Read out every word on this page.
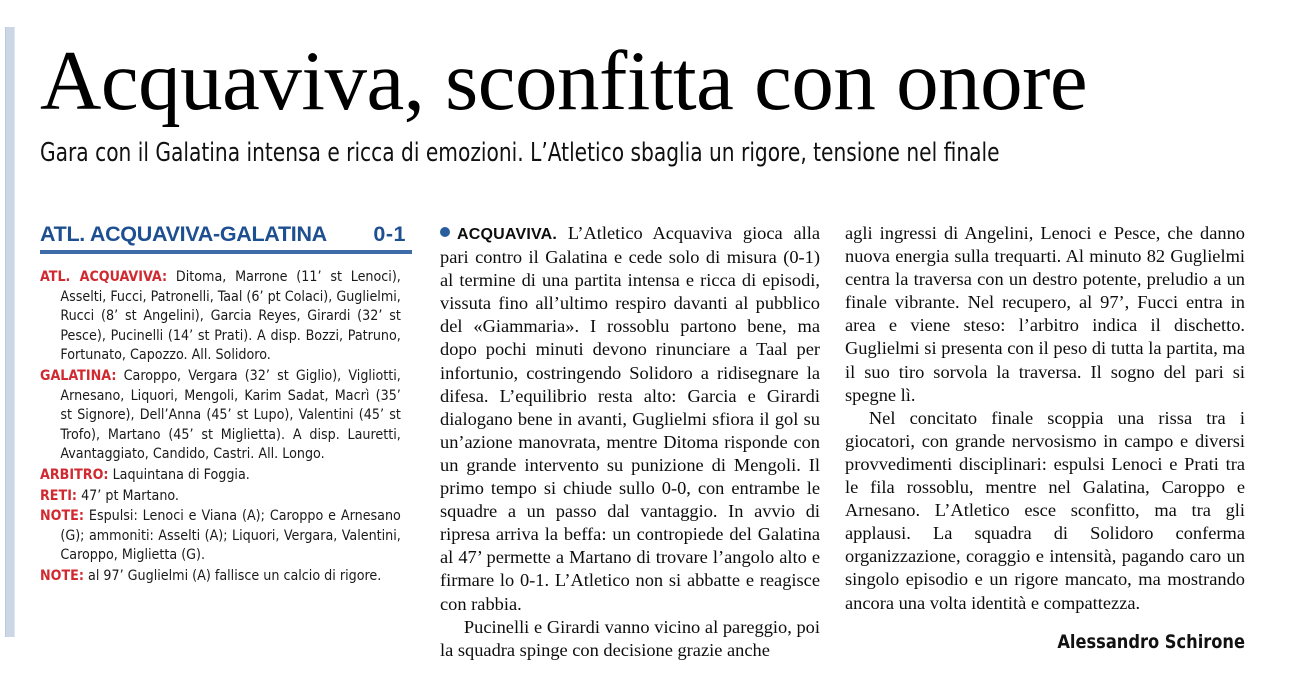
Acquaviva, sconfitta con onore
Gara con il Galatina intensa e ricca di emozioni. L’Atletico sbaglia un rigore, tensione nel finale
ATL. ACQUAVIVA-GALATINA 0-1

ATL. ACQUAVIVA: Ditoma, Marrone (11’ st Lenoci), Asselti, Fucci, Patronelli, Taal (6’ pt Colaci), Guglielmi, Rucci (8’ st Angelini), Garcia Reyes, Girardi (32’ st Pesce), Pucinelli (14’ st Prati). A disp. Bozzi, Patruno, Fortunato, Capozzo. All. Solidoro.

GALATINA: Caroppo, Vergara (32’ st Giglio), Vigliotti, Arnesano, Liquori, Mengoli, Karim Sadat, Macrì (35’ st Signore), Dell’Anna (45’ st Lupo), Valentini (45’ st Trofo), Martano (45’ st Miglietta). A disp. Lauretti, Avantaggiato, Candido, Castri. All. Longo.

ARBITRO: Laquintana di Foggia.

RETI: 47’ pt Martano.

NOTE: Espulsi: Lenoci e Viana (A); Caroppo e Arnesano (G); ammoniti: Asselti (A); Liquori, Vergara, Valentini, Caroppo, Miglietta (G).

NOTE: al 97’ Guglielmi (A) fallisce un calcio di rigore.

ACQUAVIVA. L’Atletico Acquaviva gioca alla pari contro il Galatina e cede solo di misura (0-1) al termine di una partita intensa e ricca di episodi, vissuta fino all’ultimo respiro davanti al pubblico del «Giammaria». I rossoblu partono bene, ma dopo pochi minuti devono rinunciare a Taal per infortunio, costringendo Solidoro a ridisegnare la difesa. L’equilibrio resta alto: Garcia e Girardi dialogano bene in avanti, Guglielmi sfiora il gol su un’azione manovrata, mentre Ditoma risponde con un grande intervento su punizione di Mengoli. Il primo tempo si chiude sullo 0-0, con entrambe le squadre a un passo dal vantaggio. In avvio di ripresa arriva la beffa: un contropiede del Galatina al 47’ permette a Martano di trovare l’angolo alto e firmare lo 0-1. L’Atletico non si abbatte e reagisce con rabbia.

Pucinelli e Girardi vanno vicino al pareggio, poi la squadra spinge con decisione grazie anche

agli ingressi di Angelini, Lenoci e Pesce, che danno nuova energia sulla trequarti. Al minuto 82 Guglielmi centra la traversa con un destro potente, preludio a un finale vibrante. Nel recupero, al 97’, Fucci entra in area e viene steso: l’arbitro indica il dischetto. Guglielmi si presenta con il peso di tutta la partita, ma il suo tiro sorvola la traversa. Il sogno del pari si spegne lì.

Nel concitato finale scoppia una rissa tra i giocatori, con grande nervosismo in campo e diversi provvedimenti disciplinari: espulsi Lenoci e Prati tra le fila rossoblu, mentre nel Galatina, Caroppo e Arnesano. L’Atletico esce sconfitto, ma tra gli applausi. La squadra di Solidoro conferma organizzazione, coraggio e intensità, pagando caro un singolo episodio e un rigore mancato, ma mostrando ancora una volta identità e compattezza.

Alessandro Schirone
